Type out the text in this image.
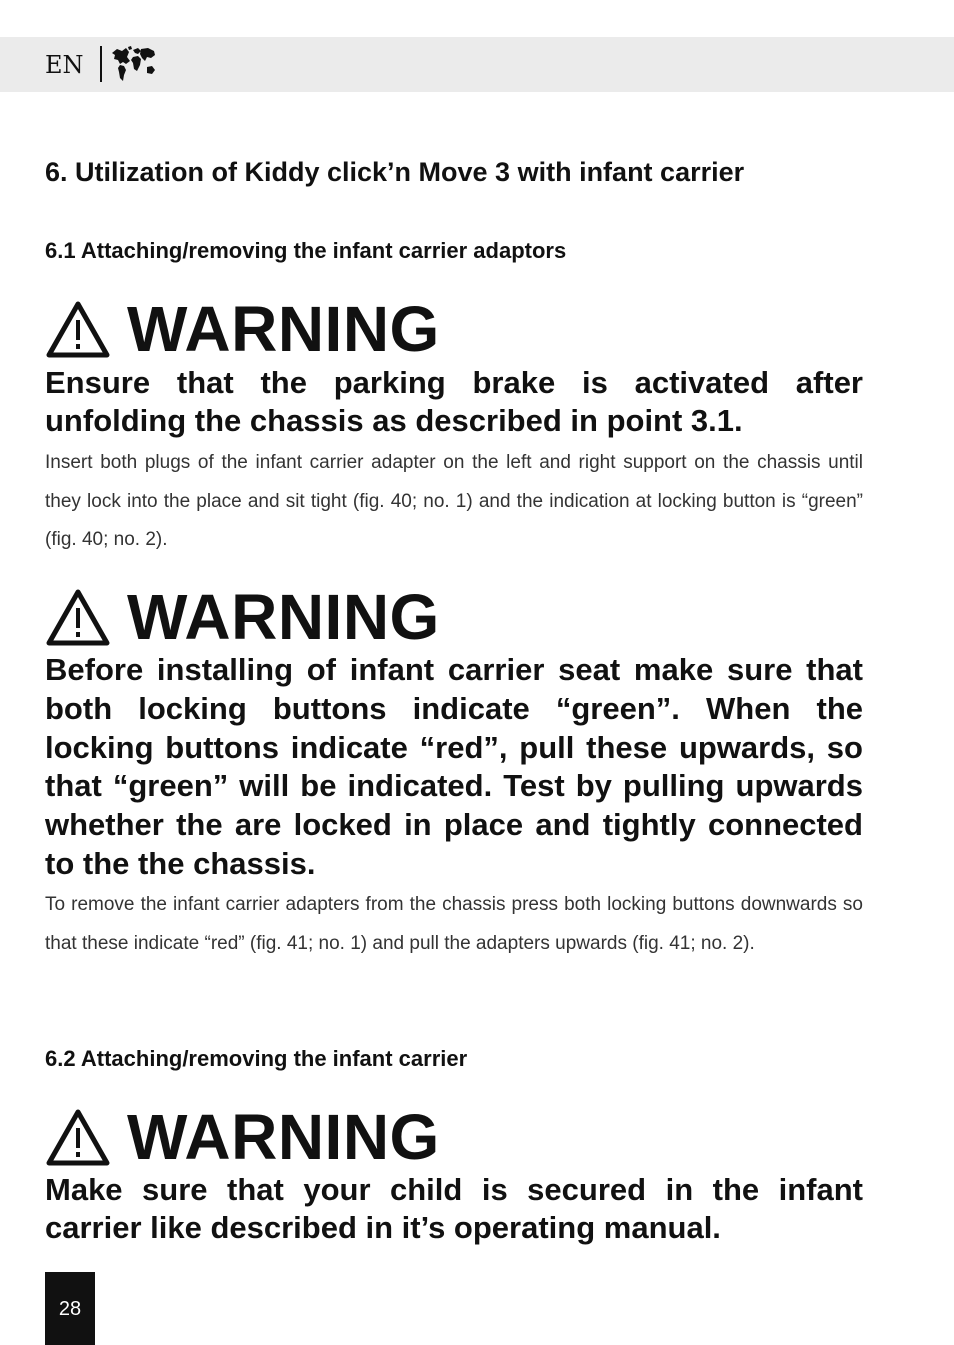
EN
6. Utilization of Kiddy click’n Move 3 with infant carrier
6.1 Attaching/removing the infant carrier adaptors
WARNING

Ensure that the parking brake is activated after unfolding the chassis as described in point 3.1.

Insert both plugs of the infant carrier adapter on the left and right support on the chassis until they lock into the place and sit tight (fig. 40; no. 1) and the indication at locking button is “green” (fig. 40; no. 2).

WARNING

Before installing of infant carrier seat make sure that both locking buttons indicate “green”. When the locking buttons indicate “red”, pull these upwards, so that “green” will be indicated. Test by pulling upwards whether the are locked in place and tightly connected to the the chassis.

To remove the infant carrier adapters from the chassis press both locking buttons downwards so that these indicate “red” (fig. 41; no. 1) and pull the adapters upwards (fig. 41; no. 2).

6.2 Attaching/removing the infant carrier
WARNING

Make sure that your child is secured in the infant carrier like described in it’s operating manual.

28
